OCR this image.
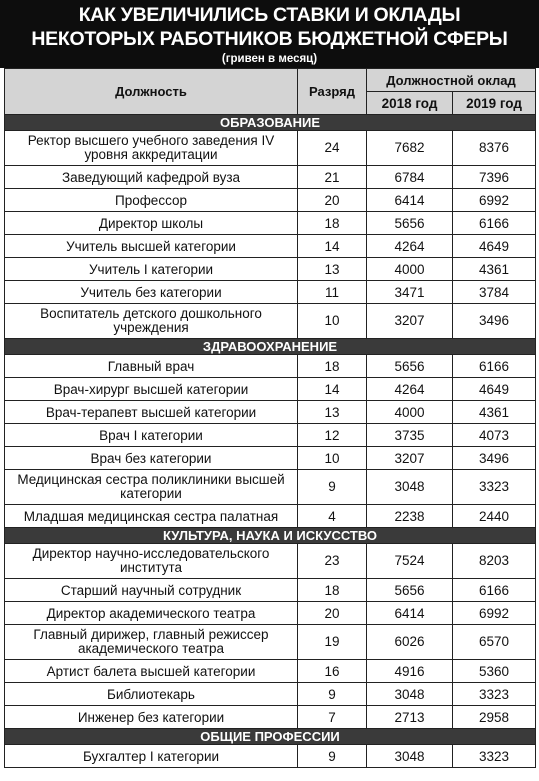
КАК УВЕЛИЧИЛИСЬ СТАВКИ И ОКЛАДЫ
НЕКОТОРЫХ РАБОТНИКОВ БЮДЖЕТНОЙ СФЕРЫ
(гривен в месяц)
Должность	Разряд	Должностной оклад	
		2018 год	2019 год
ОБРАЗОВАНИЕ			
Ректор высшего учебного заведения IV уровня аккредитации	24	7682	8376
Заведующий кафедрой вуза	21	6784	7396
Профессор	20	6414	6992
Директор школы	18	5656	6166
Учитель высшей категории	14	4264	4649
Учитель I категории	13	4000	4361
Учитель без категории	11	3471	3784
Воспитатель детского дошкольного учреждения	10	3207	3496
ЗДРАВООХРАНЕНИЕ			
Главный врач	18	5656	6166
Врач-хирург высшей категории	14	4264	4649
Врач-терапевт высшей категории	13	4000	4361
Врач I категории	12	3735	4073
Врач без категории	10	3207	3496
Медицинская сестра поликлиники высшей категории	9	3048	3323
Младшая медицинская сестра палатная	4	2238	2440
КУЛЬТУРА, НАУКА И ИСКУССТВО			
Директор научно-исследовательского института	23	7524	8203
Старший научный сотрудник	18	5656	6166
Директор академического театра	20	6414	6992
Главный дирижер, главный режиссер академического театра	19	6026	6570
Артист балета высшей категории	16	4916	5360
Библиотекарь	9	3048	3323
Инженер без категории	7	2713	2958
ОБЩИЕ ПРОФЕССИИ			
Бухгалтер I категории	9	3048	3323
